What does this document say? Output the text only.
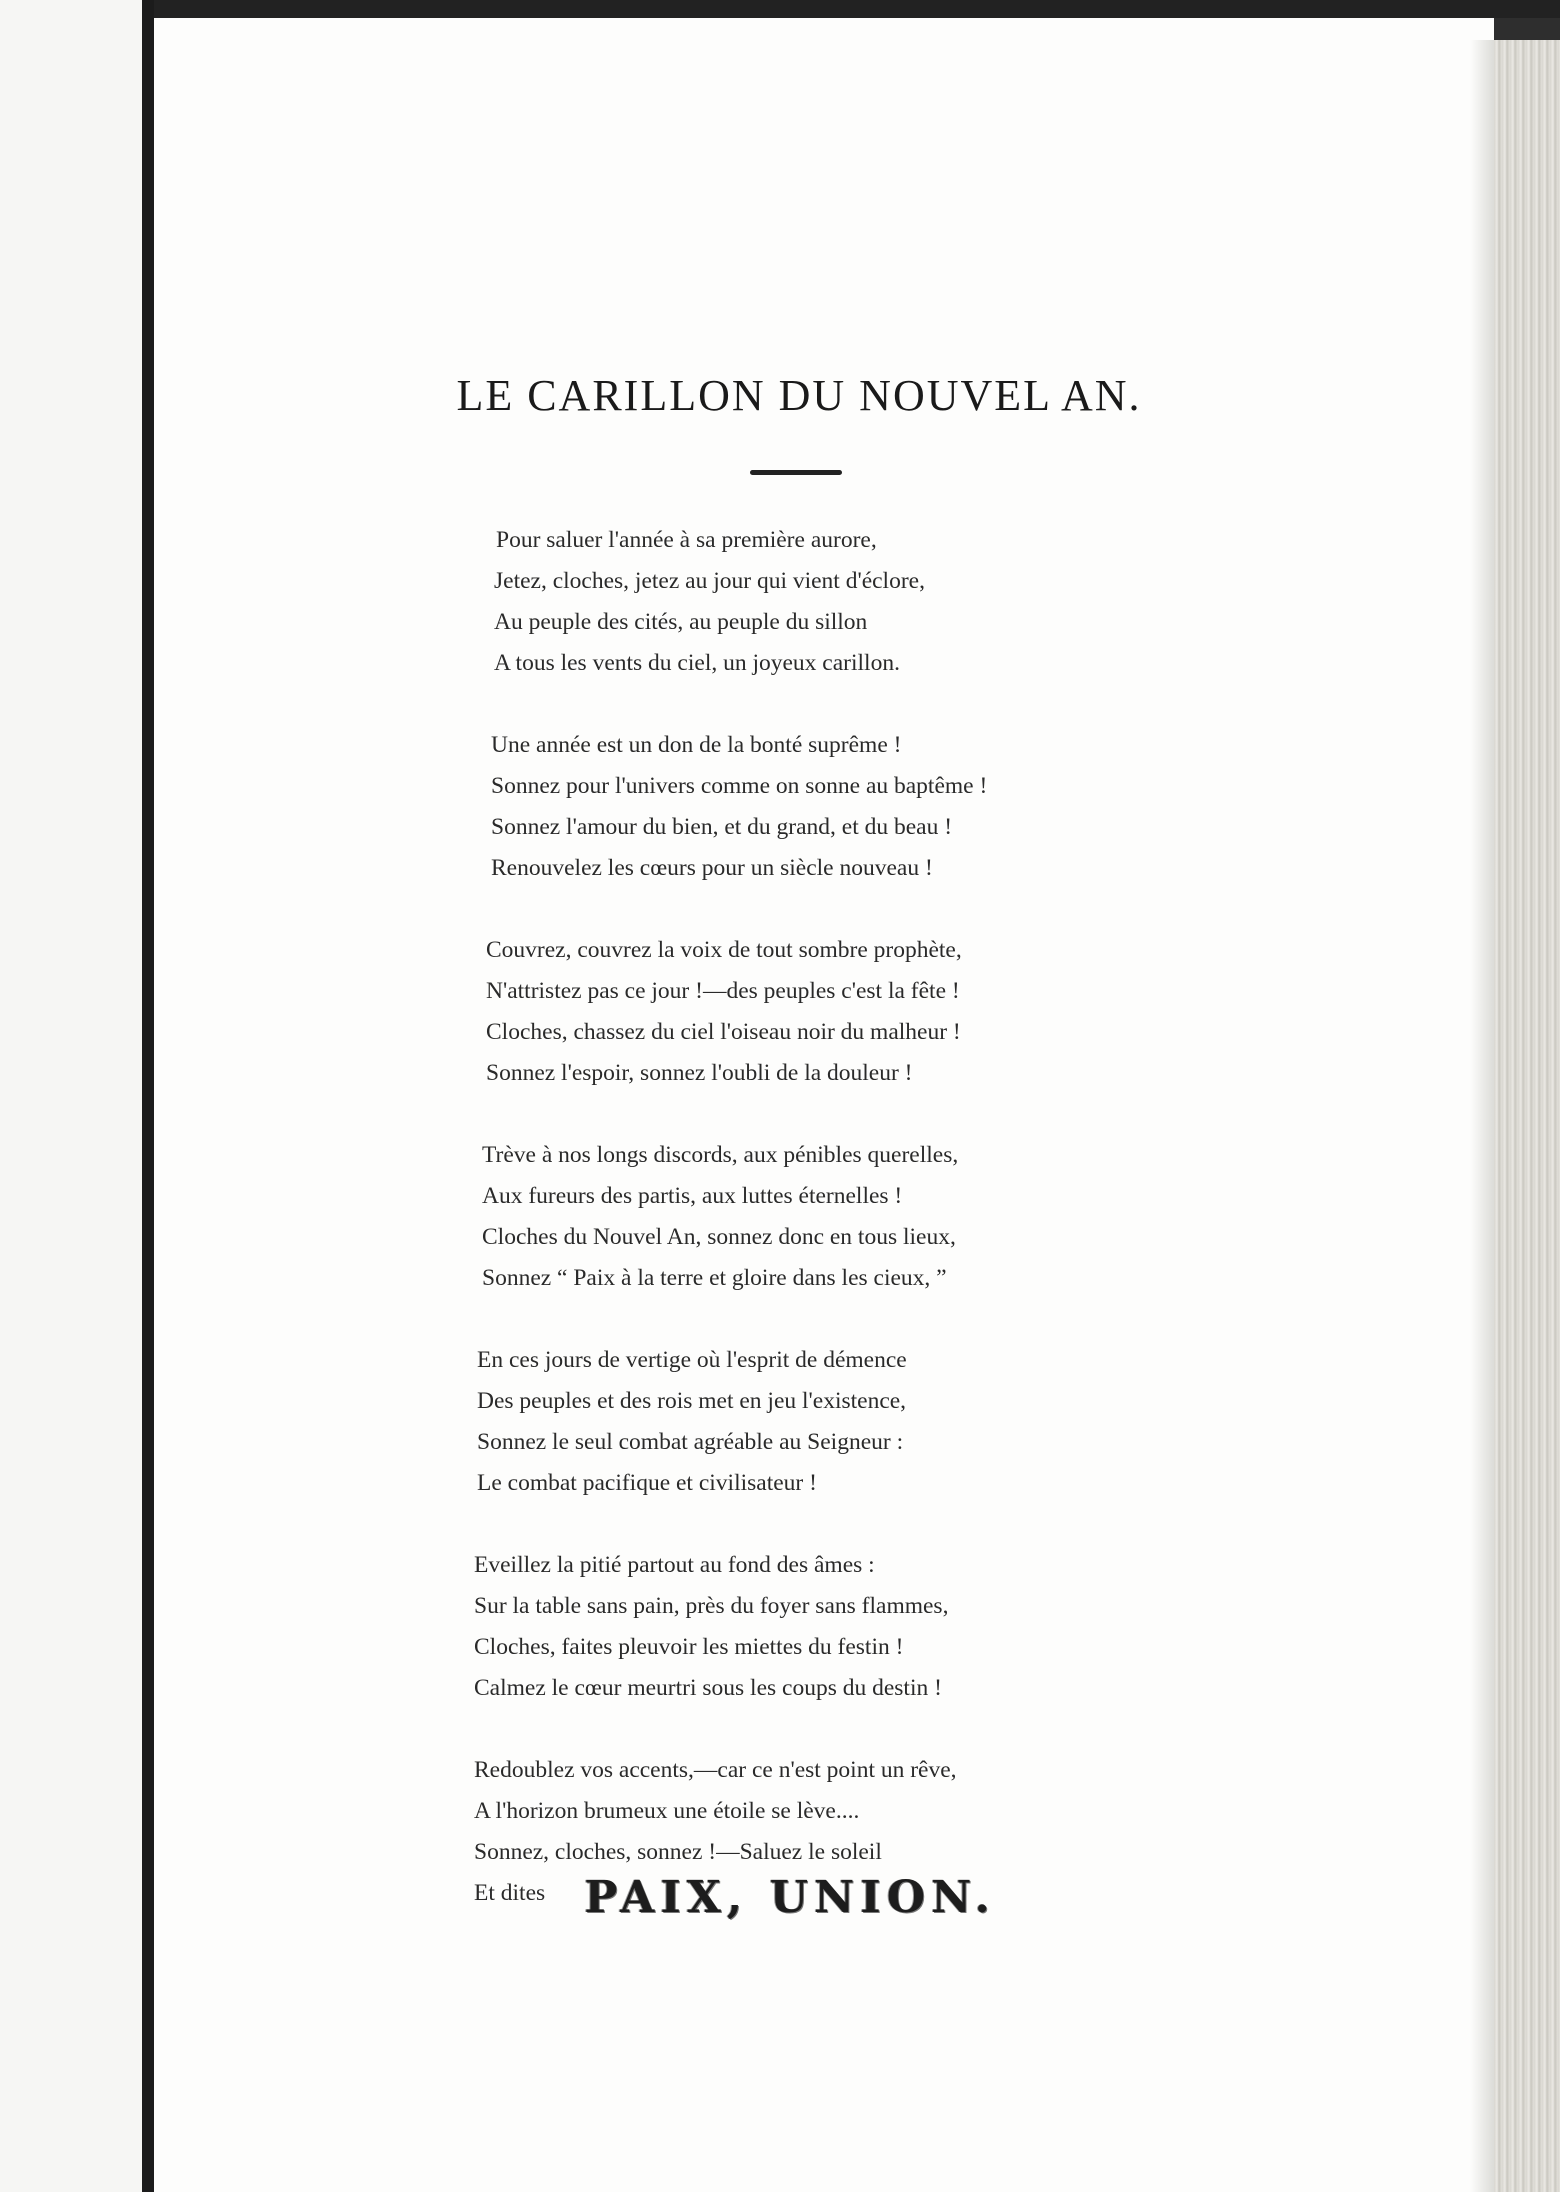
LE CARILLON DU NOUVEL AN.
Pour saluer l'année à sa première aurore,
Jetez, cloches, jetez au jour qui vient d'éclore,
Au peuple des cités, au peuple du sillon
A tous les vents du ciel, un joyeux carillon.
Une année est un don de la bonté suprême !
Sonnez pour l'univers comme on sonne au baptême !
Sonnez l'amour du bien, et du grand, et du beau !
Renouvelez les cœurs pour un siècle nouveau !
Couvrez, couvrez la voix de tout sombre prophète,
N'attristez pas ce jour !—des peuples c'est la fête !
Cloches, chassez du ciel l'oiseau noir du malheur !
Sonnez l'espoir, sonnez l'oubli de la douleur !
Trève à nos longs discords, aux pénibles querelles,
Aux fureurs des partis, aux luttes éternelles !
Cloches du Nouvel An, sonnez donc en tous lieux,
Sonnez “ Paix à la terre et gloire dans les cieux, ”
En ces jours de vertige où l'esprit de démence
Des peuples et des rois met en jeu l'existence,
Sonnez le seul combat agréable au Seigneur :
Le combat pacifique et civilisateur !
Eveillez la pitié partout au fond des âmes :
Sur la table sans pain, près du foyer sans flammes,
Cloches, faites pleuvoir les miettes du festin !
Calmez le cœur meurtri sous les coups du destin !
Redoublez vos accents,—car ce n'est point un rêve,
A l'horizon brumeux une étoile se lève....
Sonnez, cloches, sonnez !—Saluez le soleil
Et dites PAIX, UNION.
